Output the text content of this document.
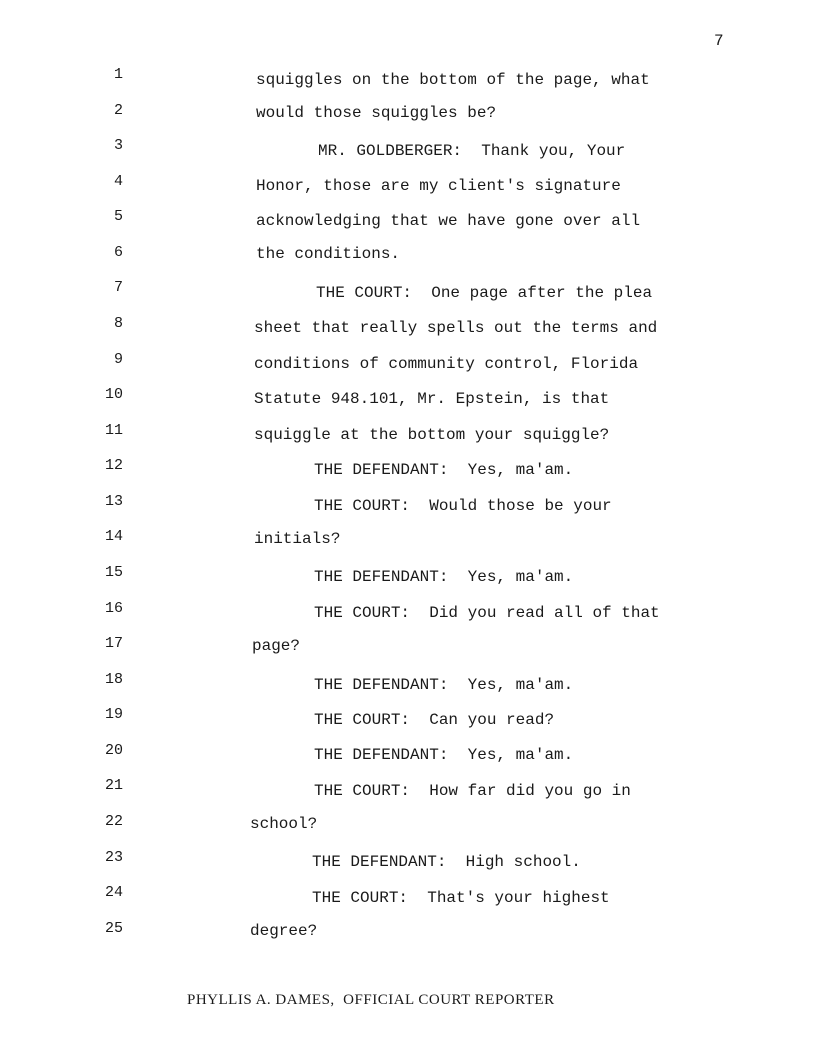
7
1	squiggles on the bottom of the page, what
2	would those squiggles be?
3	MR. GOLDBERGER:  Thank you, Your
4	Honor, those are my client's signature
5	acknowledging that we have gone over all
6	the conditions.
7	THE COURT:  One page after the plea
8	sheet that really spells out the terms and
9	conditions of community control, Florida
10	Statute 948.101, Mr. Epstein, is that
11	squiggle at the bottom your squiggle?
12	THE DEFENDANT:  Yes, ma'am.
13	THE COURT:  Would those be your
14	initials?
15	THE DEFENDANT:  Yes, ma'am.
16	THE COURT:  Did you read all of that
17	page?
18	THE DEFENDANT:  Yes, ma'am.
19	THE COURT:  Can you read?
20	THE DEFENDANT:  Yes, ma'am.
21	THE COURT:  How far did you go in
22	school?
23	THE DEFENDANT:  High school.
24	THE COURT:  That's your highest
25	degree?
PHYLLIS A. DAMES,  OFFICIAL COURT REPORTER
